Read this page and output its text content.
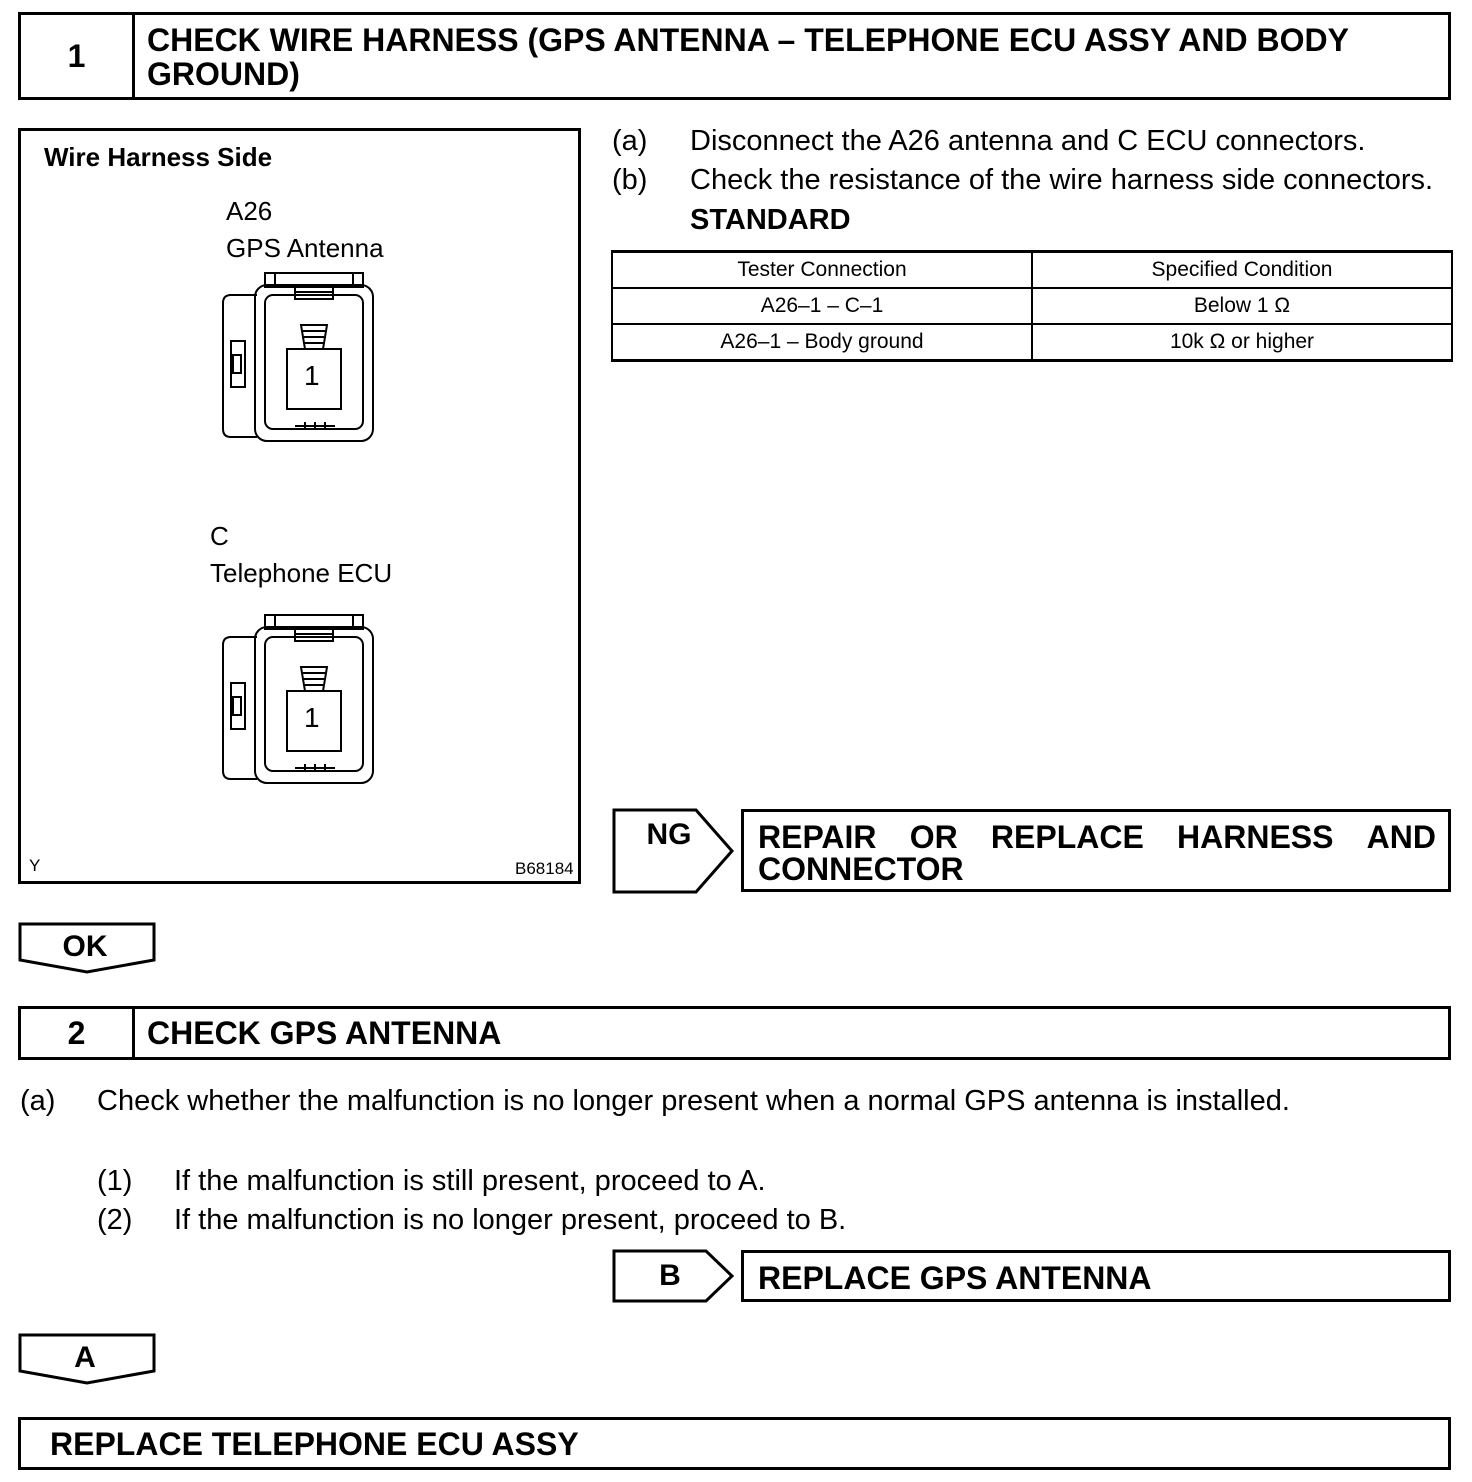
1	CHECK WIRE HARNESS (GPS ANTENNA – TELEPHONE ECU ASSY AND BODY GROUND)
Wire Harness Side
A26
GPS Antenna
1
C
Telephone ECU
1
Y	B68184
(a) Disconnect the A26 antenna and C ECU connectors.
(b) Check the resistance of the wire harness side connectors.
STANDARD
Tester Connection	Specified Condition
A26–1 – C–1	Below 1 Ω
A26–1 – Body ground	10k Ω or higher
NG	REPAIR OR REPLACE HARNESS AND
CONNECTOR
OK
2	CHECK GPS ANTENNA
(a) Check whether the malfunction is no longer present when a normal GPS antenna is installed.
(1) If the malfunction is still present, proceed to A.
(2) If the malfunction is no longer present, proceed to B.
B	REPLACE GPS ANTENNA
A
REPLACE TELEPHONE ECU ASSY
